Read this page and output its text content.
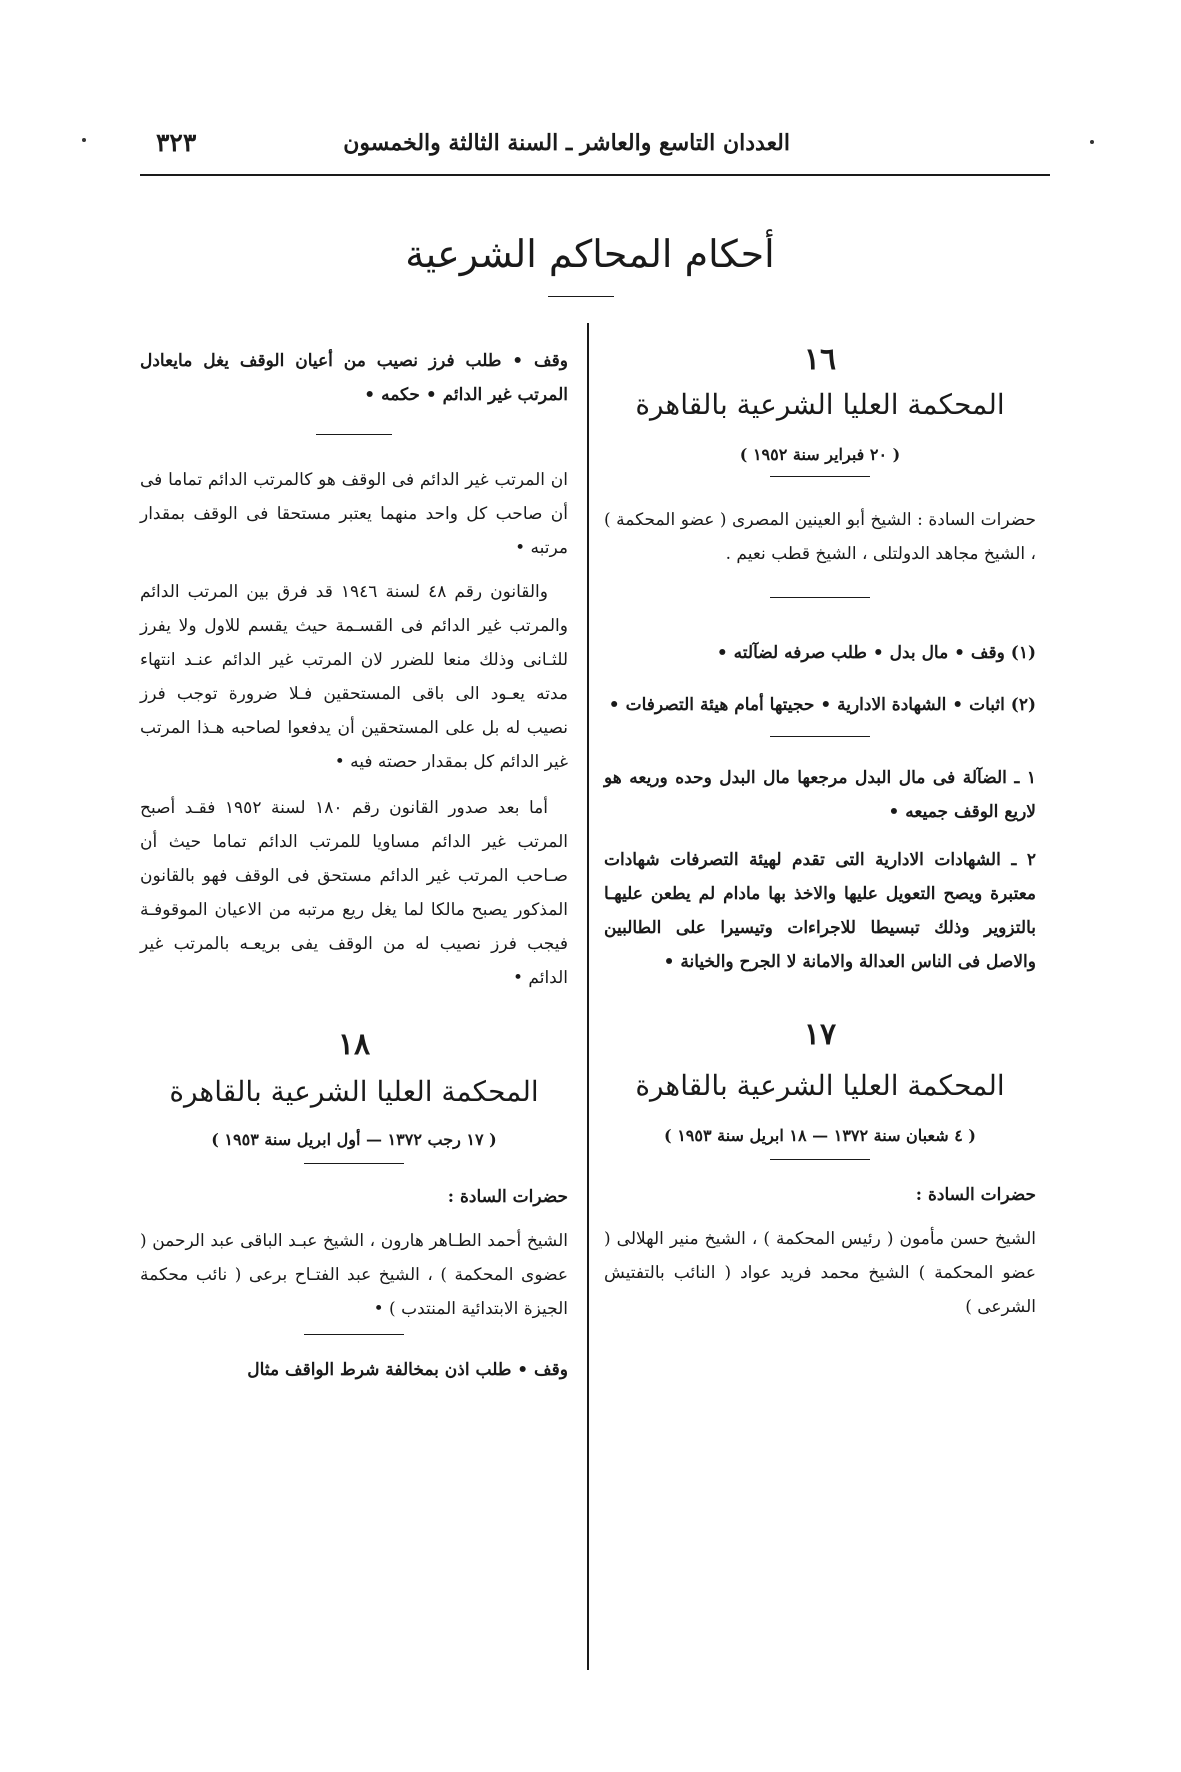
العددان التاسع والعاشر ـ السنة الثالثة والخمسون
٣٢٣
أحكام المحاكم الشرعية
١٦
المحكمة العليا الشرعية بالقاهرة
( ٢٠ فبراير سنة ١٩٥٢ )

حضرات السادة : الشيخ أبو العينين المصرى ( عضو المحكمة ) ، الشيخ مجاهد الدولتلى ، الشيخ قطب نعيم .

(١) وقف • مال بدل • طلب صرفه لضآلته •

(٢) اثبات • الشهادة الادارية • حجيتها أمام هيئة التصرفات •

١ ـ الضآلة فى مال البدل مرجعها مال البدل وحده وريعه هو لاريع الوقف جميعه •

٢ ـ الشهادات الادارية التى تقدم لهيئة التصرفات شهادات معتبرة ويصح التعويل عليها والاخذ بها مادام لم يطعن عليهـا بالتزوير وذلك تبسيطا للاجراءات وتيسيرا على الطالبين والاصل فى الناس العدالة والامانة لا الجرح والخيانة •

١٧
المحكمة العليا الشرعية بالقاهرة
( ٤ شعبان سنة ١٣٧٢ — ١٨ ابريل سنة ١٩٥٣ )

حضرات السادة :

الشيخ حسن مأمون ( رئيس المحكمة ) ، الشيخ منير الهلالى ( عضو المحكمة ) الشيخ محمد فريد عواد ( النائب بالتفتيش الشرعى )

وقف • طلب فرز نصيب من أعيان الوقف يغل مايعادل المرتب غير الدائم • حكمه •

ان المرتب غير الدائم فى الوقف هو كالمرتب الدائم تماما فى أن صاحب كل واحد منهما يعتبر مستحقا فى الوقف بمقدار مرتبه •

والقانون رقم ٤٨ لسنة ١٩٤٦ قد فرق بين المرتب الدائم والمرتب غير الدائم فى القسـمة حيث يقسم للاول ولا يفرز للثـانى وذلك منعا للضرر لان المرتب غير الدائم عنـد انتهاء مدته يعـود الى باقى المستحقين فـلا ضرورة توجب فرز نصيب له بل على المستحقين أن يدفعوا لصاحبه هـذا المرتب غير الدائم كل بمقدار حصته فيه •

أما بعد صدور القانون رقم ١٨٠ لسنة ١٩٥٢ فقـد أصبح المرتب غير الدائم مساويا للمرتب الدائم تماما حيث أن صـاحب المرتب غير الدائم مستحق فى الوقف فهو بالقانون المذكور يصبح مالكا لما يغل ريع مرتبه من الاعيان الموقوفـة فيجب فرز نصيب له من الوقف يفى بريعـه بالمرتب غير الدائم •

١٨
المحكمة العليا الشرعية بالقاهرة
( ١٧ رجب ١٣٧٢ — أول ابريل سنة ١٩٥٣ )

حضرات السادة :

الشيخ أحمد الطـاهر هارون ، الشيخ عبـد الباقى عبد الرحمن ( عضوى المحكمة ) ، الشيخ عبد الفتـاح برعى ( نائب محكمة الجيزة الابتدائية المنتدب ) •

وقف • طلب اذن بمخالفة شرط الواقف مثال
